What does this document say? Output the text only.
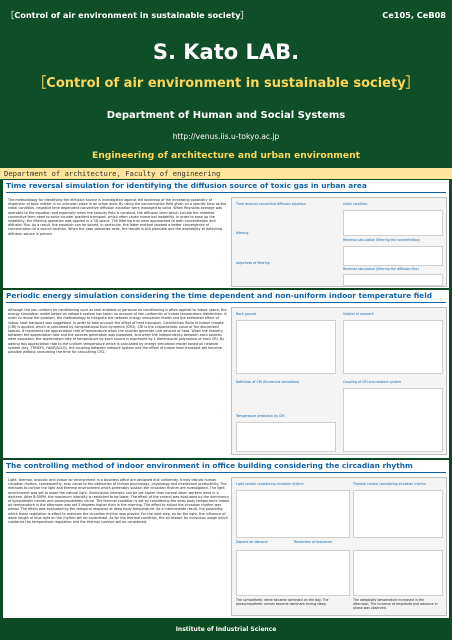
［Control of air environment in sustainable society］	Ce105, CeB08
S. Kato LAB.
［Control of air environment in sustainable society］
Department of Human and Social Systems
http://venus.iis.u-tokyo.ac.jp
Engineering of architecture and urban environment
Department of architecture, Faculty of engineering
Time reversal simulation for identifying the diffusion source of toxic gas in urban area
The methodology for identifying the diffusion source is investigated against the backdrop of the increasing possibility of dispersion of toxic matter in an unknown place in an urban area. By using the concentration field given on a specific time as the initial condition, negative time dependent convective diffusion equation were managed to solve. When Reynolds average was operated to the equation and especially when the velocity field is constant, the diffusion term which include the modeled convective term need to solve counter gradient transport, which often cause numerical instability. In order to ease up the instability, the filtering operation was applied in a 3D space. The filtering trial were approached to both concentration and diffusion flux. As a result, the equation can be solved, in particular, the latter method showed a better convergence of concentration to a source location. When the case obstacles exist, the results is still plausible and the availability of detecting diffusion source is proved.
Time reversal convective diffusion equation	Initial condition
filtering
Reversal calculation (filtering the concentration)
objectives of filtering
Reversal calculation (filtering the diffusion flux)
Periodic energy simulation considering the time dependent and non-uniform indoor temperature field
Although the non-uniform air conditioning such as task ambient or personal air conditioning is often applied to indoor space, the energy simulation model based on network system has taken no account of non-uniformity of indoor temperature distribution. In order to revise the problem, the methodology to integrate the network energy simulation model and the estimated effect of indoor heat transport was suggested. In order to take account the effect of heat transport, Contribution Ratio of Indoor climate (CRI) is applied, which is calculated by computational fluid dynamics (CFD). CRI is the characteristic value of the discretized spaces. It represents the appreciation rate of temperature when the sources generate unit amount of heat. When the linearity between the appreciation rate and the sources generation was supposed, and when the independency between each sources were supposed, the appreciation rate of temperature by each source is expressed by 1 dimensional polynomial of each CRI. By adding this appreciation rate to the uniform temperature which is calculated by energy simulation model based on network system (say, TRNSYS, HASP/ACLD), the coupling between network system and the effect of indoor heat transport will become possible without consuming the time for calculating CFD.
Back ground	Subject of research
Definition of CRI (Numerical simulation)	Coupling of CRI and network system
Temperature prediction by CRI
The controlling method of indoor environment in office building considering the circadian rhythm
Light, thermal, acoustic and indoor air environment in a business office are designed dull uniformity. It may disturb human circadian rhythm, consequently, may cause to the detraction of human psychology, physiology and intellectual productivity. The methods to control the light and thermal environment which preferably sustain the circadian rhythm are investigated. The light environment was set to lower the natural light. Illumination intensity can be set higher than normal when workers want in a daytime. After 8:00PM, the maximum intensity is restricted to be lower. The effect of the control was evaluated by the dominancy of sympathetic nerves and parasympathetic nerve. The thermal condition is set by considering the deep body temperature indoor air temperature in the afternoon was set 3 degrees higher than in the morning. The effect to adjust the circadian rhythm was aimed. The effect was evaluated by the temporal response of deep body temperature. As a intermediate result, the possibility which these regulation is effect to maintain the circadian rhythm was proved. For the next step, as for the light, the influence of wave length of blue light on the rhythm will be considered. As for the thermal condition, the air blower for individual usage which combines the temperature regulation and the thermal comfort will be considered.
Light control considering circadian rhythm	Thermal control considering circadian rhythm
Depend on demand	Restriction of maximum
The sympathetic nerve became dominant on the day. The parasympathetic nerves became dominant during sleep.
The sleepbody temperature increased in the afternoon. The increase of amplitude and advance in phase was observed.
Institute of Industrial Science
